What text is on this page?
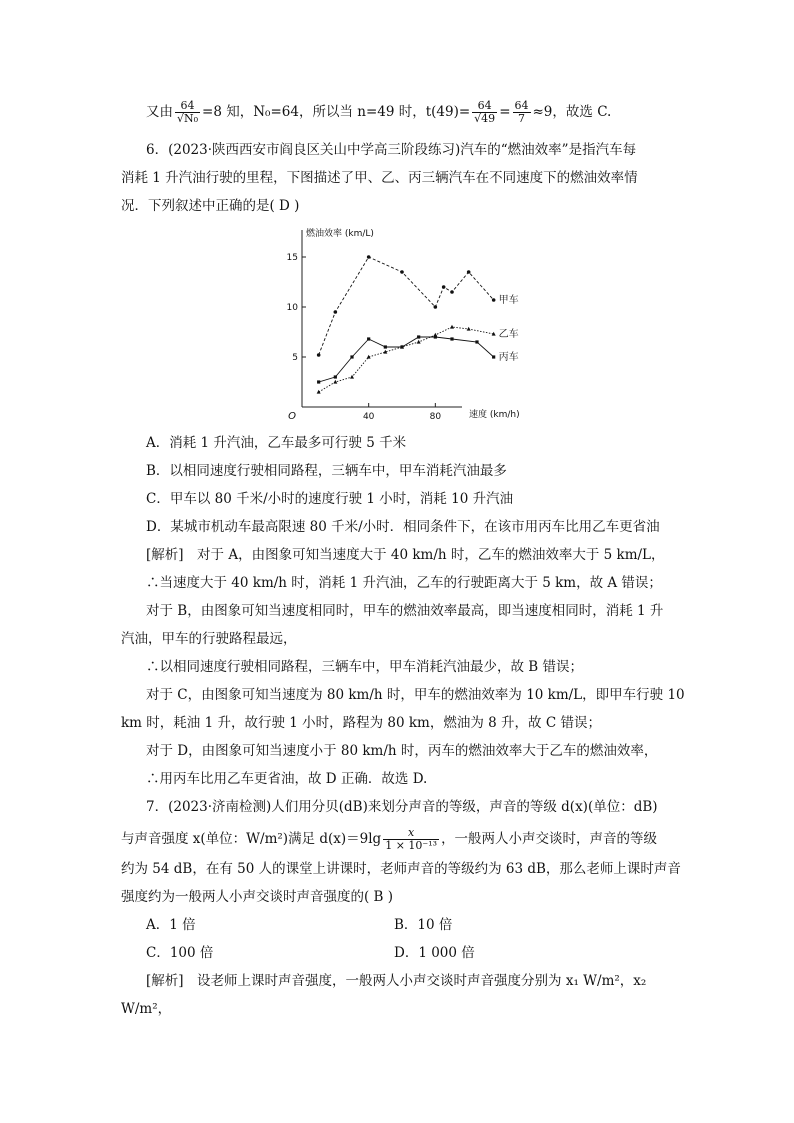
又由 $\frac{64}{\text{√N₀}} =8$ 知，N₀=64，所以当 n=49 时，$t(49)= \frac{64}{√49} = \frac{64}{7} \approx 9$，故选 C.
6．(2023·陕西西安市阎良区关山中学高三阶段练习)汽车的“燃油效率”是指汽车每
消耗 1 升汽油行驶的里程，下图描述了甲、乙、丙三辆汽车在不同速度下的燃油效率情
况．下列叙述中正确的是( D )
燃油效率 (km/L)
速度 (km/h)
O
5
10
15
40	80
甲车
乙车
丙车
A．消耗 1 升汽油，乙车最多可行驶 5 千米
B．以相同速度行驶相同路程，三辆车中，甲车消耗汽油最多
C．甲车以 80 千米/小时的速度行驶 1 小时，消耗 10 升汽油
D．某城市机动车最高限速 80 千米/小时．相同条件下，在该市用丙车比用乙车更省油
[解析]　对于 A，由图象可知当速度大于 40 km/h 时，乙车的燃油效率大于 5 km/L，
∴当速度大于 40 km/h 时，消耗 1 升汽油，乙车的行驶距离大于 5 km，故 A 错误；
对于 B，由图象可知当速度相同时，甲车的燃油效率最高，即当速度相同时，消耗 1 升
汽油，甲车的行驶路程最远，
∴以相同速度行驶相同路程，三辆车中，甲车消耗汽油最少，故 B 错误；
对于 C，由图象可知当速度为 80 km/h 时，甲车的燃油效率为 10 km/L，即甲车行驶 10
km 时，耗油 1 升，故行驶 1 小时，路程为 80 km，燃油为 8 升，故 C 错误；
对于 D，由图象可知当速度小于 80 km/h 时，丙车的燃油效率大于乙车的燃油效率，
∴用丙车比用乙车更省油，故 D 正确．故选 D.
7．(2023·济南检测)人们用分贝(dB)来划分声音的等级，声音的等级 d(x)(单位：dB)
与声音强度 x(单位：W/m²)满足 $d(x)=9\lg \frac{x}{\text{1 × 10⁻¹³}}$ ，一般两人小声交谈时，声音的等级
约为 54 dB，在有 50 人的课堂上讲课时，老师声音的等级约为 63 dB，那么老师上课时声音
强度约为一般两人小声交谈时声音强度的( B )
A．1 倍	B．10 倍
C．100 倍	D．1 000 倍
[解析]　设老师上课时声音强度，一般两人小声交谈时声音强度分别为 x₁ W/m²，x₂
W/m²，
